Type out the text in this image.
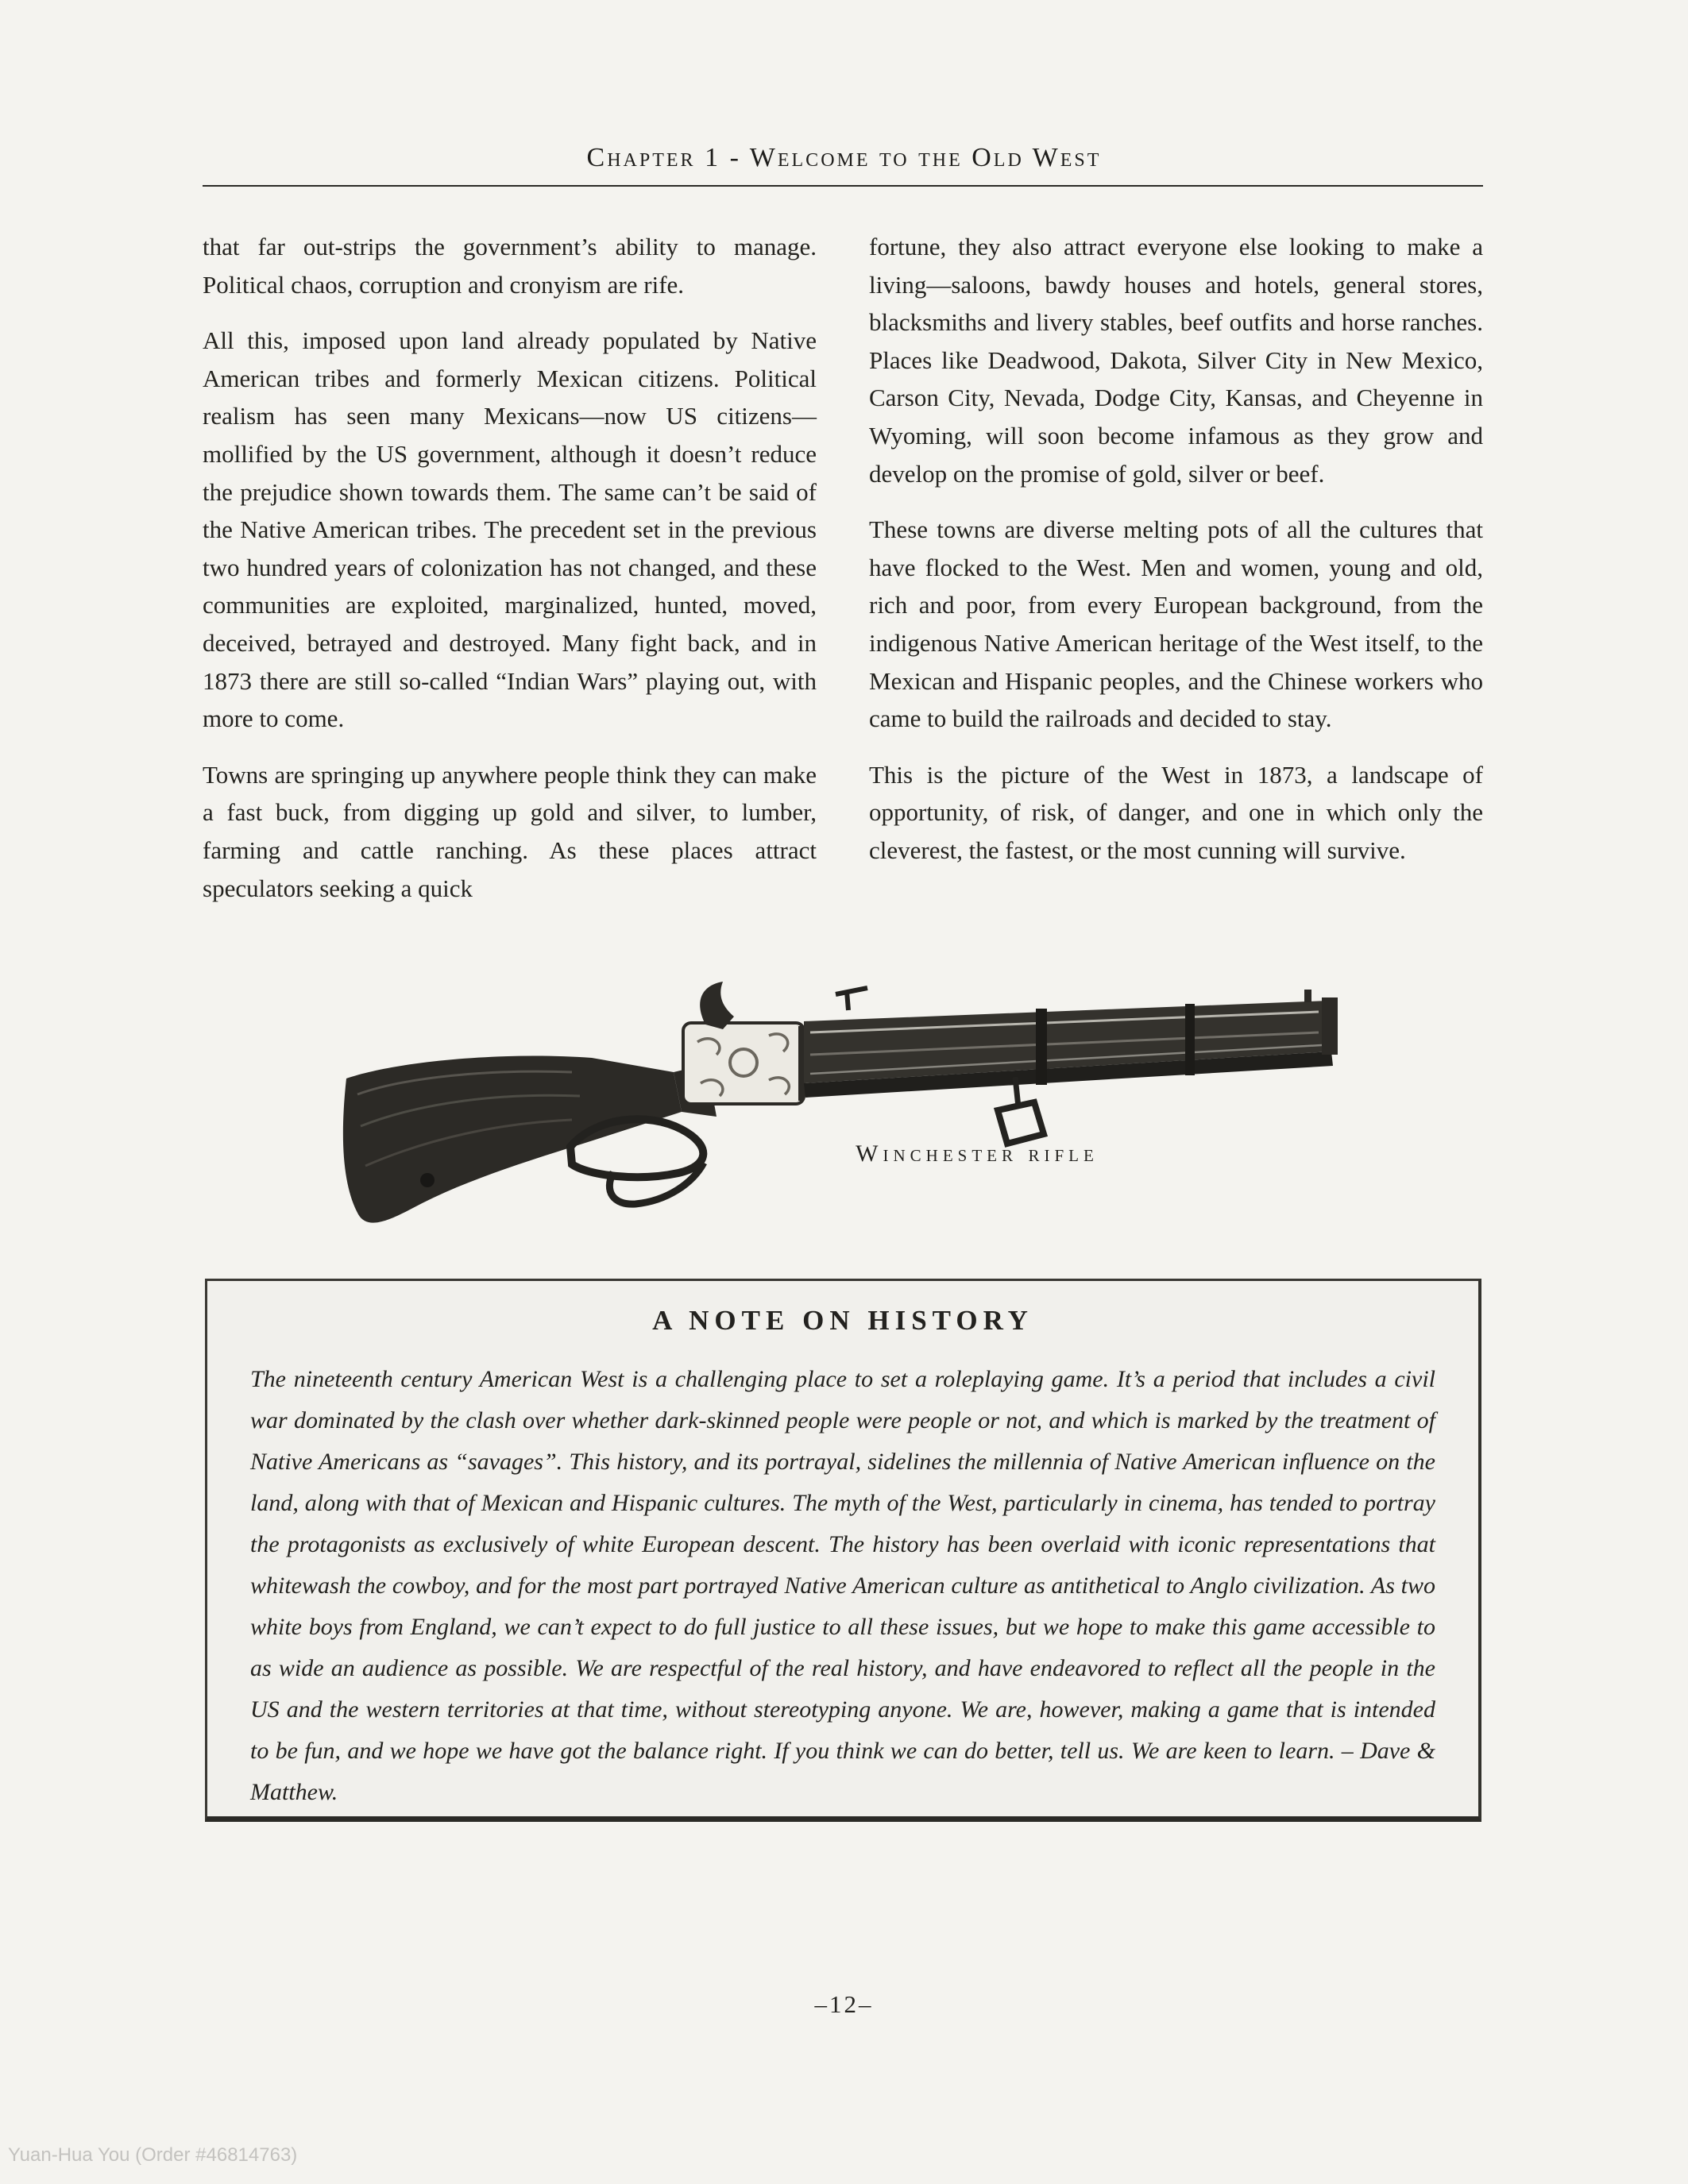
Chapter 1 - Welcome to the Old West

that far out-strips the government’s ability to manage. Political chaos, corruption and cronyism are rife.

All this, imposed upon land already populated by Native American tribes and formerly Mexican citizens. Political realism has seen many Mexicans—now US citizens—mollified by the US government, although it doesn’t reduce the prejudice shown towards them. The same can’t be said of the Native American tribes. The precedent set in the previous two hundred years of colonization has not changed, and these communities are exploited, marginalized, hunted, moved, deceived, betrayed and destroyed. Many fight back, and in 1873 there are still so-called “Indian Wars” playing out, with more to come.

Towns are springing up anywhere people think they can make a fast buck, from digging up gold and silver, to lumber, farming and cattle ranching. As these places attract speculators seeking a quick

fortune, they also attract everyone else looking to make a living—saloons, bawdy houses and hotels, general stores, blacksmiths and livery stables, beef outfits and horse ranches. Places like Deadwood, Dakota, Silver City in New Mexico, Carson City, Nevada, Dodge City, Kansas, and Cheyenne in Wyoming, will soon become infamous as they grow and develop on the promise of gold, silver or beef.

These towns are diverse melting pots of all the cultures that have flocked to the West. Men and women, young and old, rich and poor, from every European background, from the indigenous Native American heritage of the West itself, to the Mexican and Hispanic peoples, and the Chinese workers who came to build the railroads and decided to stay.

This is the picture of the West in 1873, a landscape of opportunity, of risk, of danger, and one in which only the cleverest, the fastest, or the most cunning will survive.

Winchester rifle
A NOTE ON HISTORY

The nineteenth century American West is a challenging place to set a roleplaying game. It’s a period that includes a civil war dominated by the clash over whether dark-skinned people were people or not, and which is marked by the treatment of Native Americans as “savages”. This history, and its portrayal, sidelines the millennia of Native American influence on the land, along with that of Mexican and Hispanic cultures. The myth of the West, particularly in cinema, has tended to portray the protagonists as exclusively of white European descent. The history has been overlaid with iconic representations that whitewash the cowboy, and for the most part portrayed Native American culture as antithetical to Anglo civilization. As two white boys from England, we can’t expect to do full justice to all these issues, but we hope to make this game accessible to as wide an audience as possible. We are respectful of the real history, and have endeavored to reflect all the people in the US and the western territories at that time, without stereotyping anyone. We are, however, making a game that is intended to be fun, and we hope we have got the balance right. If you think we can do better, tell us. We are keen to learn. – Dave & Matthew.

–12–
Yuan-Hua You (Order #46814763)
